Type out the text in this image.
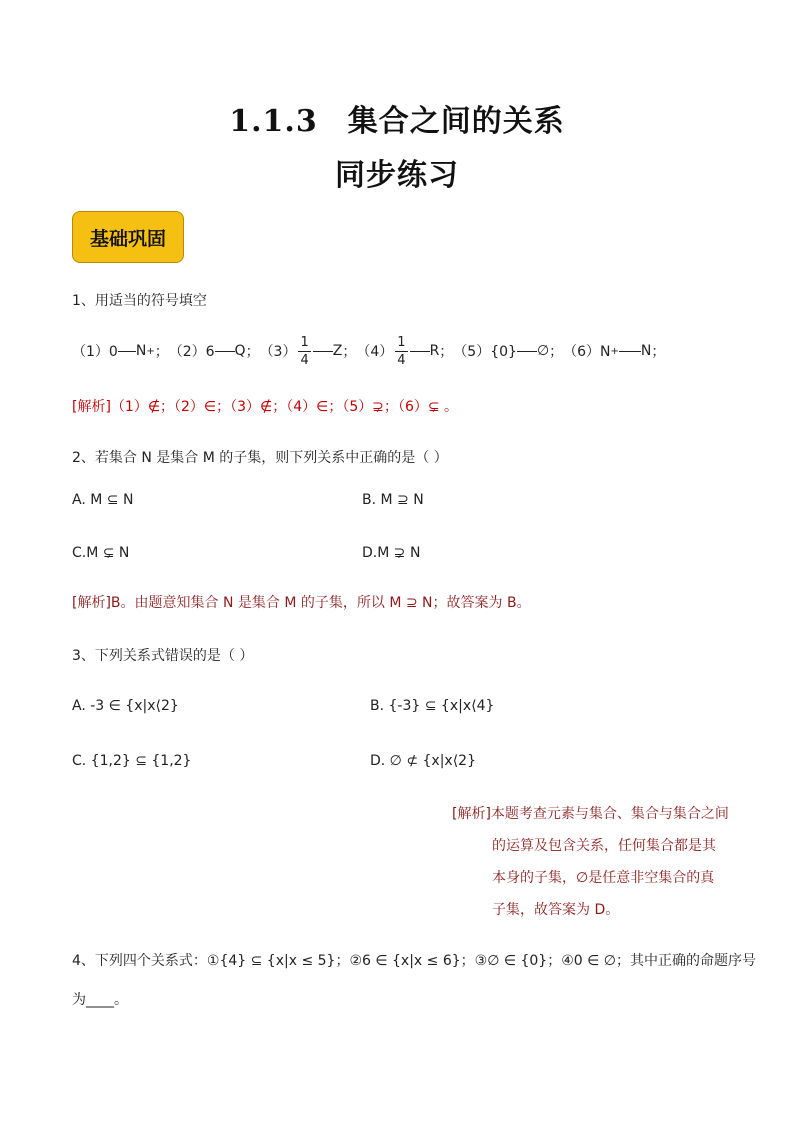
1.1.3 集合之间的关系
同步练习
基础巩固
1、用适当的符号填空
（1）0 N + ； （2）6 Q ； $(3) \frac{1}{4}$ Z ； $(4) \frac{1}{4}$ R ； （5）{0} ∅ ； （6）N + N ；
[解析]（1）∉；（2）∈；（3）∉；（4）∈；（5）⊋；（6）⊊ 。
2、若集合 N 是集合 M 的子集，则下列关系中正确的是（ ）
A. M ⊆ N	B. M ⊇ N
C.M ⊊ N	D.M ⊋ N
[解析]B。由题意知集合 N 是集合 M 的子集，所以 M ⊇ N；故答案为 B。
3、下列关系式错误的是（ ）
A. -3 ∈ {x|x⟨2}	B. {-3} ⊆ {x|x⟨4}
C. {1,2} ⊆ {1,2}	D. ∅ ⊄ {x|x⟨2}
[解析]本题考查元素与集合、集合与集合之间
的运算及包含关系，任何集合都是其
本身的子集，∅是任意非空集合的真
子集，故答案为 D。
4、下列四个关系式：①{4} ⊆ {x|x ≤ 5}；②6 ∈ {x|x ≤ 6}；③∅ ∈ {0}；④0 ∈ ∅；其中正确的命题序号
为____。
